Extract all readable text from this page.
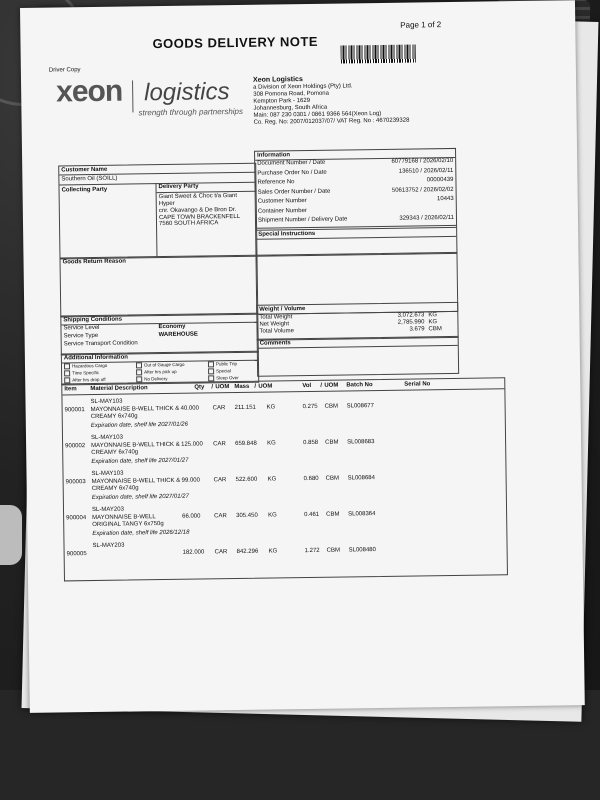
Page 1 of 2
GOODS DELIVERY NOTE
Driver Copy
xeon logistics
strength through partnerships
Xeon Logistics
a Division of Xeon Holdings (Pty) Ltd.
308 Pomona Road, Pomona
Kempton Park - 1629
Johannesburg, South Africa
Main: 087 230 0301 / 0861 9366 564(Xeon Log)
Co. Reg. No: 2007/012037/07/ VAT Reg. No : 4670239328
Customer Name
Southern Oil (SOILL)
Collecting Party	Delivery Party
Giant Sweet & Choc t/a Giant Hyper
cnr. Okavango & De Bron Dr.
CAPE TOWN BRACKENFELL
7560 SOUTH AFRICA
Information
Document Number / Date	60779168 / 2026/02/10
Purchase Order No / Date	136510 / 2026/02/11
Reference No	00000439
Sales Order Number / Date	50613752 / 2026/02/02
Customer Number	10443
Container Number
Shipment Number / Delivery Date	329343 / 2026/02/11
Special Instructions
Goods Return Reason
Shipping Conditions
Service Level	Economy
Service Type	WAREHOUSE
Service Transport Condition
Weight / Volume
Total Weight	3,072.673 KG
Net Weight	2,785.990 KG
Total Volume	3.679 CBM
Comments
Additional Information
Hazardous Cargo	Out of Gauge Cargo	Public Trip
Time Specific	After hrs pick up	Special
After hrs drop off	No Delivery	Sleep Over
Item Material Description	Qty / UOM Mass / UOM	Vol / UOM Batch No	Serial No
900001
SL-MAY103
MAYONNAISE B-WELL THICK &
CREAMY 6x740g
Expiration date, shelf life 2027/01/26
40.000 CAR 211.151 KG	0.275 CBM SL008677
900002
SL-MAY103
MAYONNAISE B-WELL THICK &
CREAMY 6x740g
Expiration date, shelf life 2027/01/27
125.000 CAR 659.848 KG	0.858 CBM SL008683
900003
SL-MAY103
MAYONNAISE B-WELL THICK &
CREAMY 6x740g
Expiration date, shelf life 2027/01/27
99.000 CAR 522.600 KG	0.680 CBM SL008684
900004
SL-MAY203
MAYONNAISE B-WELL
ORIGINAL TANGY 6x750g
Expiration date, shelf life 2026/12/18
66.000 CAR 305.450 KG	0.461 CBM SL008364
900005
SL-MAY203
182.000 CAR 842.296 KG	1.272 CBM SL008480
